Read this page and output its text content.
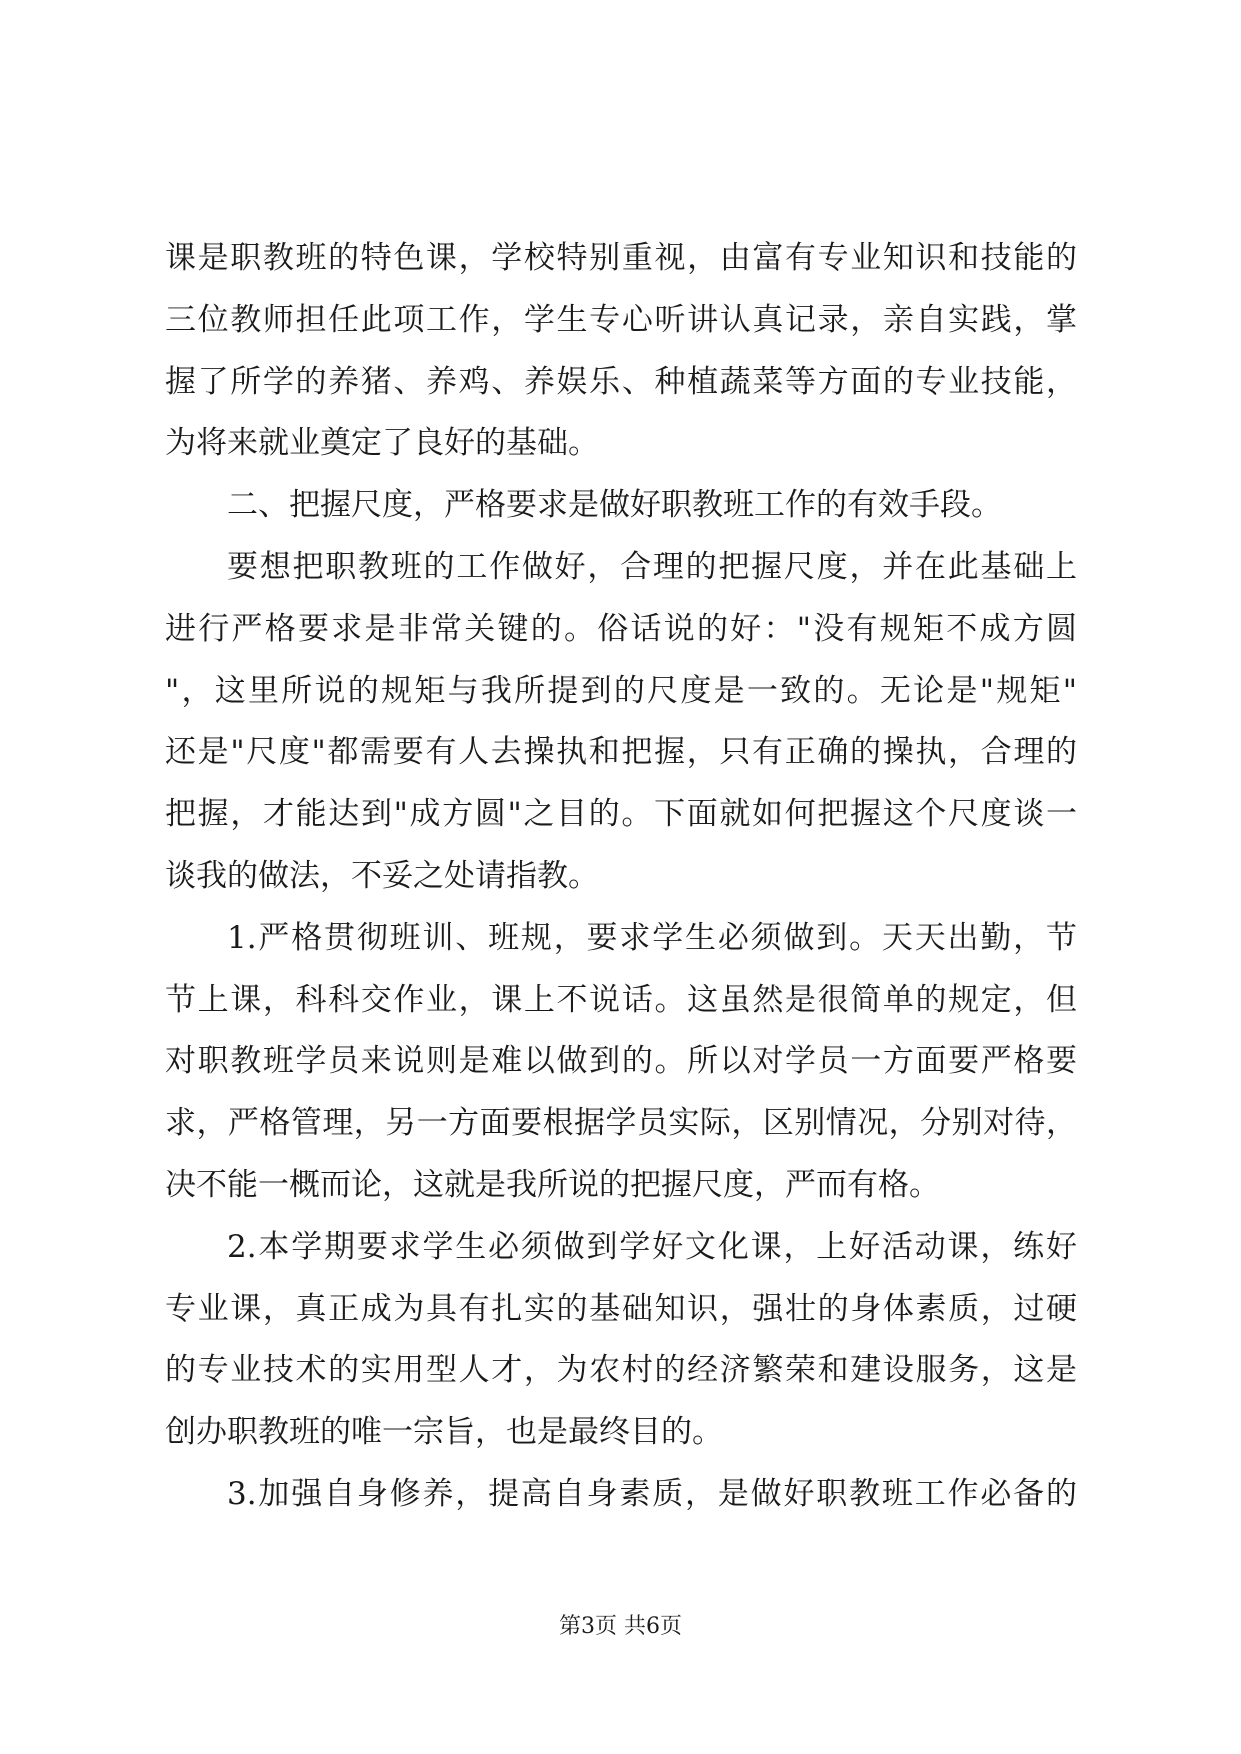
课是职教班的特色课，学校特别重视，由富有专业知识和技能的
三位教师担任此项工作，学生专心听讲认真记录，亲自实践，掌
握了所学的养猪、养鸡、养娱乐、种植蔬菜等方面的专业技能，
为将来就业奠定了良好的基础。
二、把握尺度，严格要求是做好职教班工作的有效手段。
要想把职教班的工作做好，合理的把握尺度，并在此基础上
进行严格要求是非常关键的。俗话说的好："没有规矩不成方圆
"，这里所说的规矩与我所提到的尺度是一致的。无论是"规矩"
还是"尺度"都需要有人去操执和把握，只有正确的操执，合理的
把握，才能达到"成方圆"之目的。下面就如何把握这个尺度谈一
谈我的做法，不妥之处请指教。
1.严格贯彻班训、班规，要求学生必须做到。天天出勤，节
节上课，科科交作业，课上不说话。这虽然是很简单的规定，但
对职教班学员来说则是难以做到的。所以对学员一方面要严格要
求，严格管理，另一方面要根据学员实际，区别情况，分别对待，
决不能一概而论，这就是我所说的把握尺度，严而有格。
2.本学期要求学生必须做到学好文化课，上好活动课，练好
专业课，真正成为具有扎实的基础知识，强壮的身体素质，过硬
的专业技术的实用型人才，为农村的经济繁荣和建设服务，这是
创办职教班的唯一宗旨，也是最终目的。
3.加强自身修养，提高自身素质，是做好职教班工作必备的
第3页 共6页
